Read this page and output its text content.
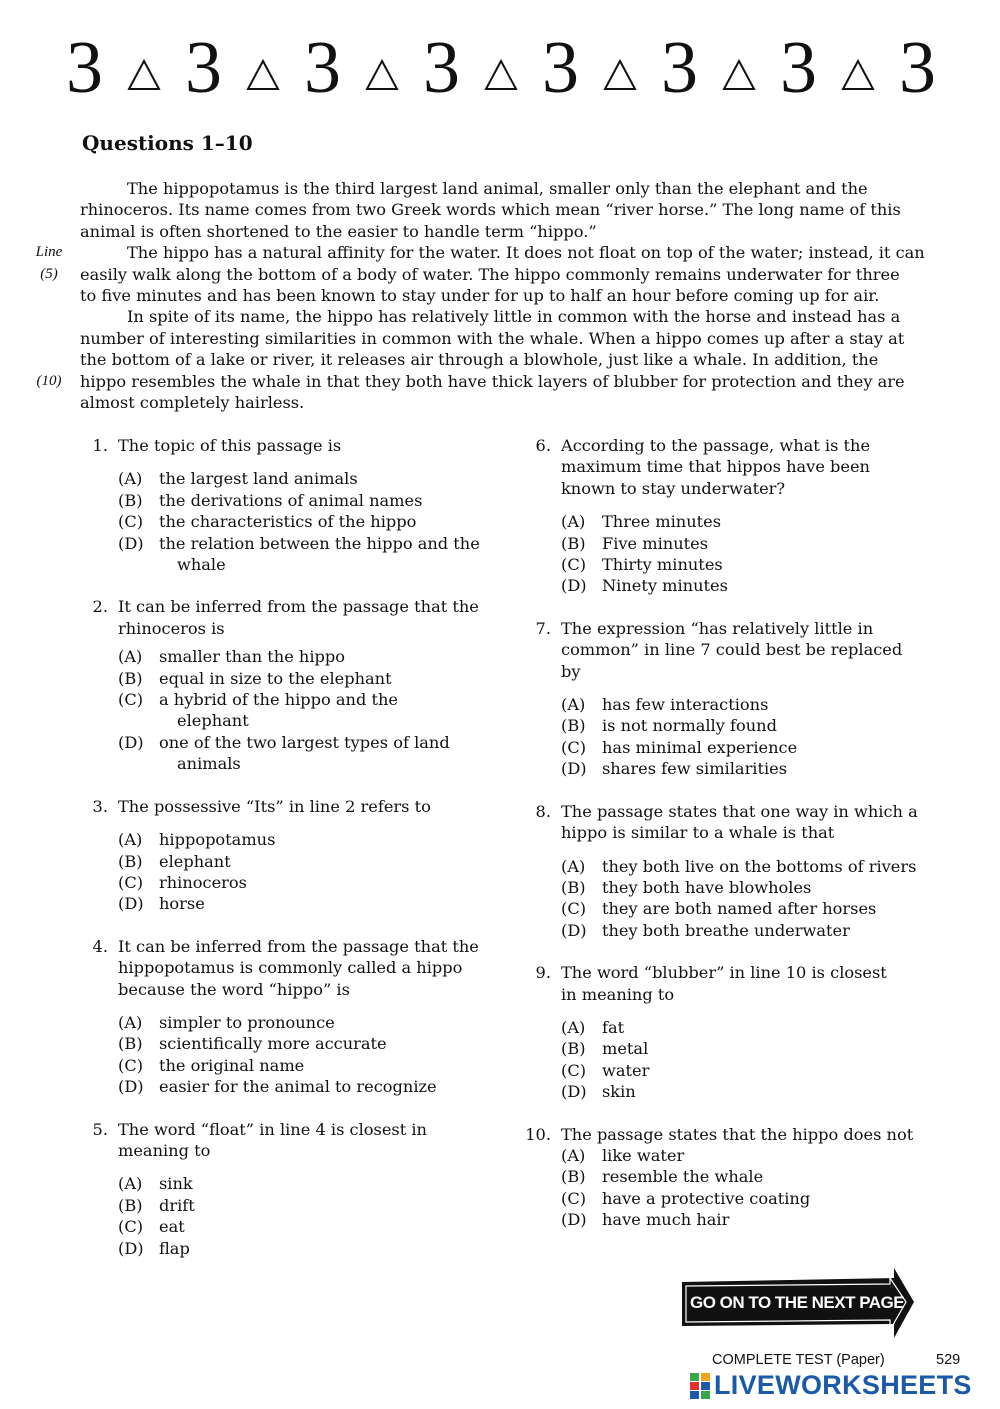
3 3 3 3 3 3 3 3
Questions 1–10
The hippopotamus is the third largest land animal, smaller only than the elephant and the
rhinoceros. Its name comes from two Greek words which mean “river horse.” The long name of this
animal is often shortened to the easier to handle term “hippo.”
Line	The hippo has a natural affinity for the water. It does not float on top of the water; instead, it can
(5)	easily walk along the bottom of a body of water. The hippo commonly remains underwater for three
to five minutes and has been known to stay under for up to half an hour before coming up for air.
In spite of its name, the hippo has relatively little in common with the horse and instead has a
number of interesting similarities in common with the whale. When a hippo comes up after a stay at
the bottom of a lake or river, it releases air through a blowhole, just like a whale. In addition, the
(10) hippo resembles the whale in that they both have thick layers of blubber for protection and they are
almost completely hairless.
1. The topic of this passage is
(A)	the largest land animals
(B)	the derivations of animal names
(C) the characteristics of the hippo
(D) the relation between the hippo and the whale
2. It can be inferred from the passage that the rhinoceros is
(A)	smaller than the hippo
(B)	equal in size to the elephant
(C) a hybrid of the hippo and the elephant
(D) one of the two largest types of land animals
3. The possessive “Its” in line 2 refers to
(A)	hippopotamus
(B)	elephant
(C) rhinoceros
(D) horse
4. It can be inferred from the passage that the hippopotamus is commonly called a hippo because the word “hippo” is
(A)	simpler to pronounce
(B)	scientifically more accurate
(C) the original name
(D) easier for the animal to recognize
5. The word “float” in line 4 is closest in meaning to
(A)	sink
(B)	drift
(C) eat
(D) flap
6. According to the passage, what is the maximum time that hippos have been known to stay underwater?
(A)	Three minutes
(B)	Five minutes
(C) Thirty minutes
(D) Ninety minutes
7. The expression “has relatively little in common” in line 7 could best be replaced by
(A)	has few interactions
(B)	is not normally found
(C) has minimal experience
(D) shares few similarities
8. The passage states that one way in which a hippo is similar to a whale is that
(A)	they both live on the bottoms of rivers
(B)	they both have blowholes
(C) they are both named after horses
(D) they both breathe underwater
9. The word “blubber” in line 10 is closest in meaning to
(A)	fat
(B)	metal
(C) water
(D) skin
10. The passage states that the hippo does not
(A)	like water
(B)	resemble the whale
(C) have a protective coating
(D) have much hair
GO ON TO THE NEXT PAGE
COMPLETE TEST (Paper)	529
LIVEWORKSHEETS
